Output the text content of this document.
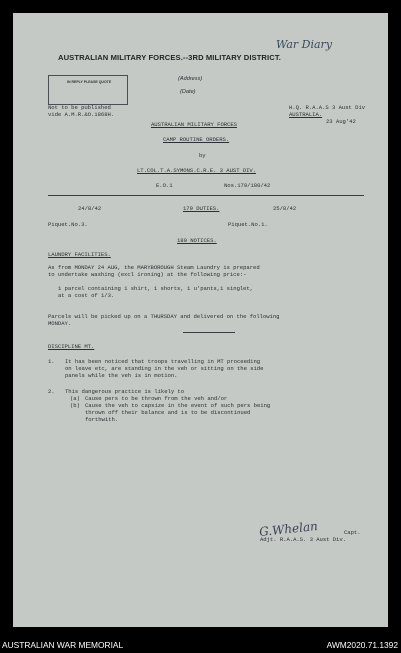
War Diary
AUSTRALIAN MILITARY FORCES.--3RD MILITARY DISTRICT.
IN REPLY PLEASE QUOTE	(Address)
(Date)
Not to be published
vide A.M.R.&O.1868H.
H.Q. R.A.A.S 3 Aust Div
AUSTRALIA.
23 Aug'42
AUSTRALIAN MILITARY FORCES
CAMP ROUTINE ORDERS.
by
LT.COL.T.A.SYMONS.C.R.E. 3 AUST DIV.
E.O.1	Nos.179/180/42
24/8/42	179 DUTIES.	25/8/42
Piquet.No.3.	Piquet.No.1.
180 NOTICES.
LAUNDRY FACILITIES.
As from MONDAY 24 AUG, the MARYBOROUGH Steam Laundry is prepared
to undertake washing (excl ironing) at the following price:-
1 parcel containing 1 shirt, 1 shorts, 1 u'pants,1 singlet,
at a cost of 1/3.
Parcels will be picked up on a THURSDAY and delivered on the following
MONDAY.
DISCIPLINE MT.
1. It has been noticed that troops travelling in MT proceeding
on leave etc, are standing in the veh or sitting on the side
panels while the veh is in motion.
2. This dangerous practice is likely to
(a) Cause pers to be thrown from the veh and/or
(b) Cause the veh to capsize in the event of such pers being
thrown off their balance and is to be discontinued
forthwith.
G.Whelan	Capt.
Adjt. R.A.A.S. 3 Aust Div.
AUSTRALIAN WAR MEMORIAL	AWM2020.71.1392
